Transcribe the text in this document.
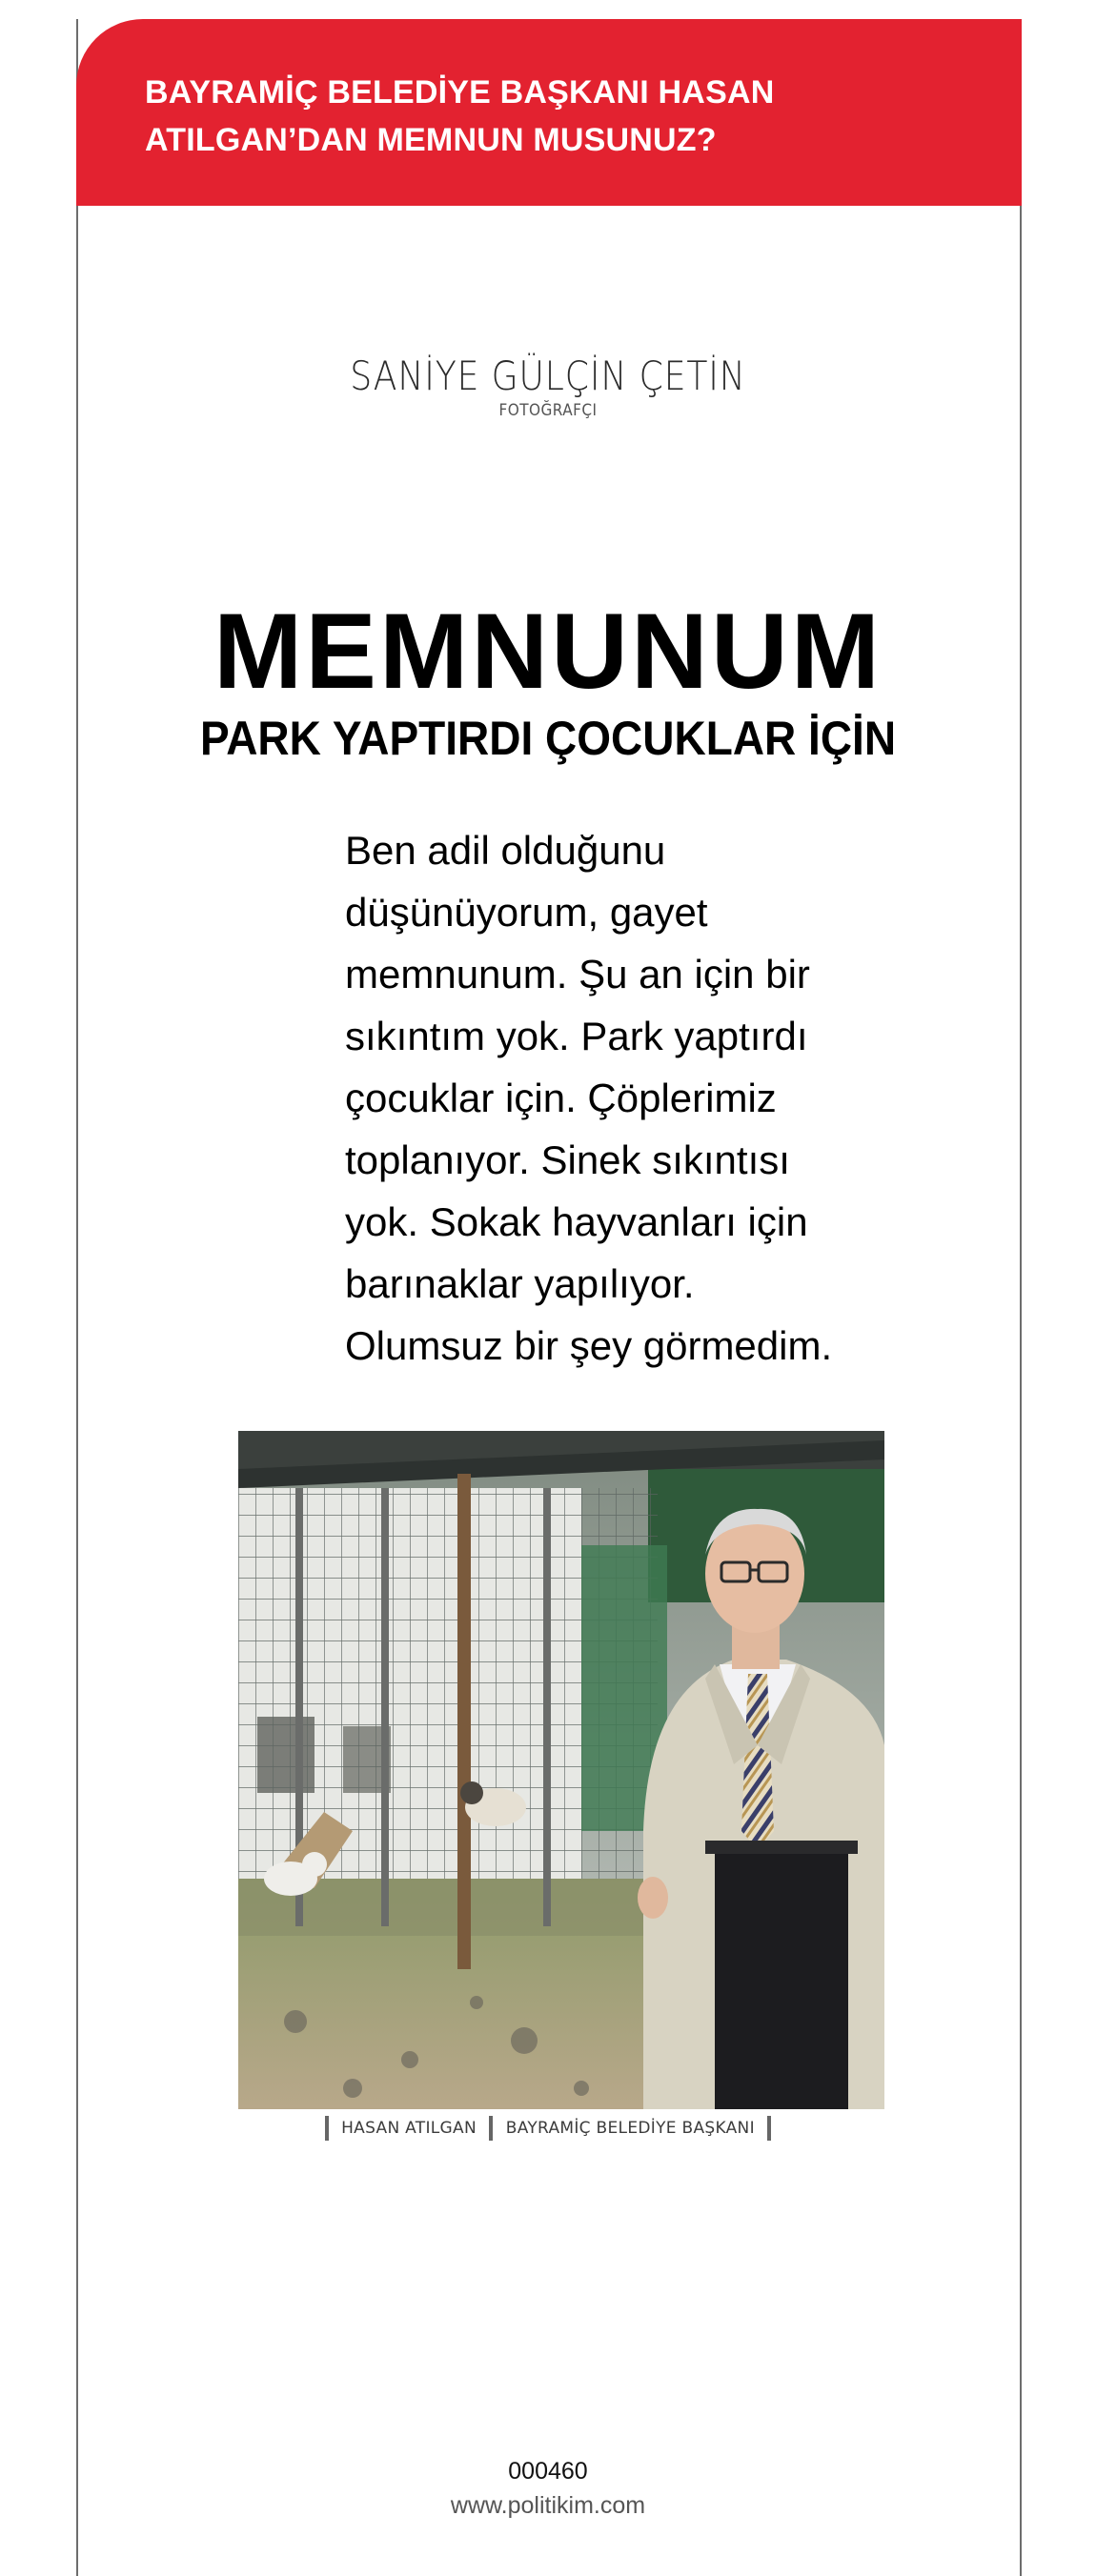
BAYRAMİÇ BELEDİYE BAŞKANI HASAN
ATILGAN’DAN MEMNUN MUSUNUZ?
SANİYE GÜLÇİN ÇETİN
FOTOĞRAFÇI
MEMNUNUM
PARK YAPTIRDI ÇOCUKLAR İÇİN

Ben adil olduğunu
düşünüyorum, gayet
memnunum. Şu an için bir
sıkıntım yok. Park yaptırdı
çocuklar için. Çöplerimiz
toplanıyor. Sinek sıkıntısı
yok. Sokak hayvanları için
barınaklar yapılıyor.
Olumsuz bir şey görmedim.

HASAN ATILGAN BAYRAMİÇ BELEDİYE BAŞKANI
000460
www.politikim.com
